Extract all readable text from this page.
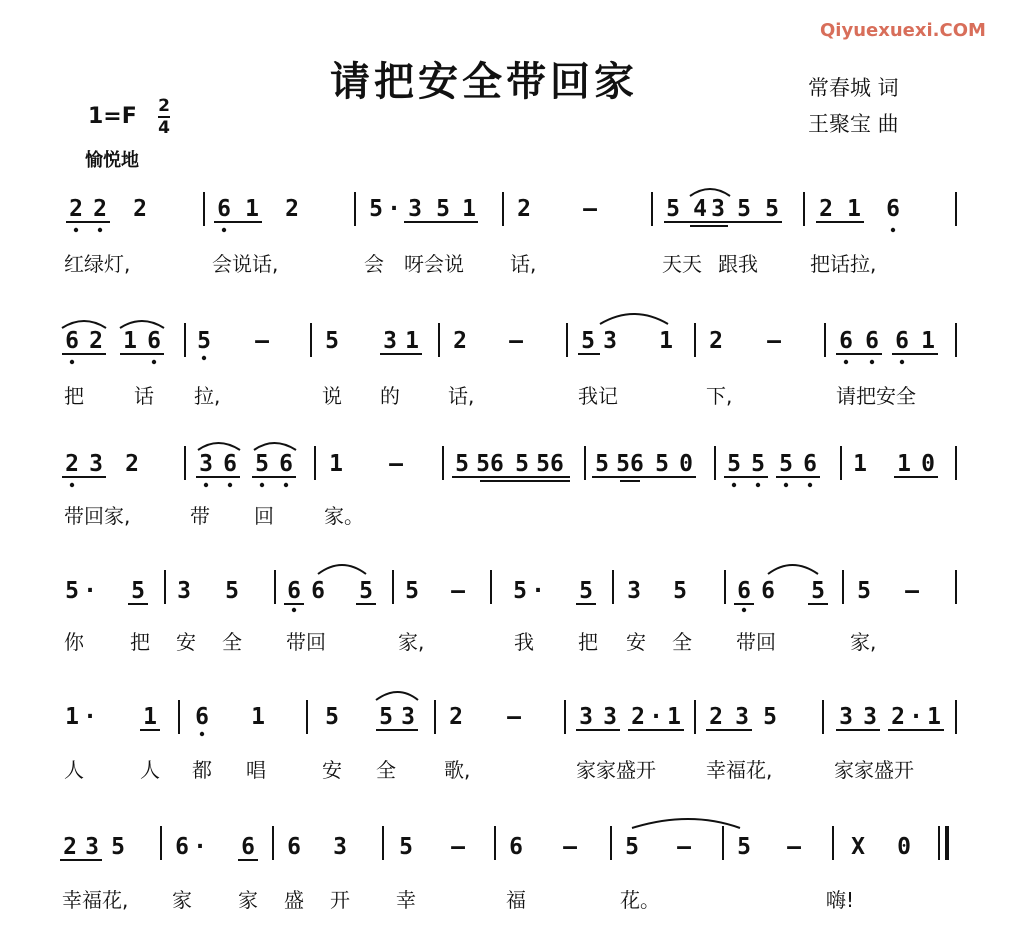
请把安全带回家
Qiyuexuexi.COM
常春城 词
王聚宝 曲
1=F 2
4
愉悦地
2 2 2	6 1 2	5 · 3 5 1 2 –	5 4 3 5 5 2 1 6
红绿灯,	会说话,	会 呀会说 话,	天天 跟我	把话拉,
6 2 1 6 5 – 5 3 1 2 –	5 3 1 2 –	6 6 6 1
把	话 拉,	说 的 话,	我记	下,	请把安全
2 3 2	3 6 5 6 1 – 5 56 5 56 5 56 5 0 5 5 5 6 1 1 0
带回家,	带 回	家。
5 · 5 3 5 6 6 5 5 – 5 · 5 3 5 6 6 5 5 –
你 把 安 全 带回	家,	我 把 安 全 带回	家,
1 · 1 6 1	5 5 3 2 –	3 3 2 · 1 2 3 5	3 3 2 · 1
人	人 都 唱	安 全 歌,	家家盛开	幸福花,	家家盛开
2 3 5 6 · 6 6 3 5 – 6 – 5 – 5 – X 0
幸福花, 家 家 盛 开 幸	福	花。	嗨!
